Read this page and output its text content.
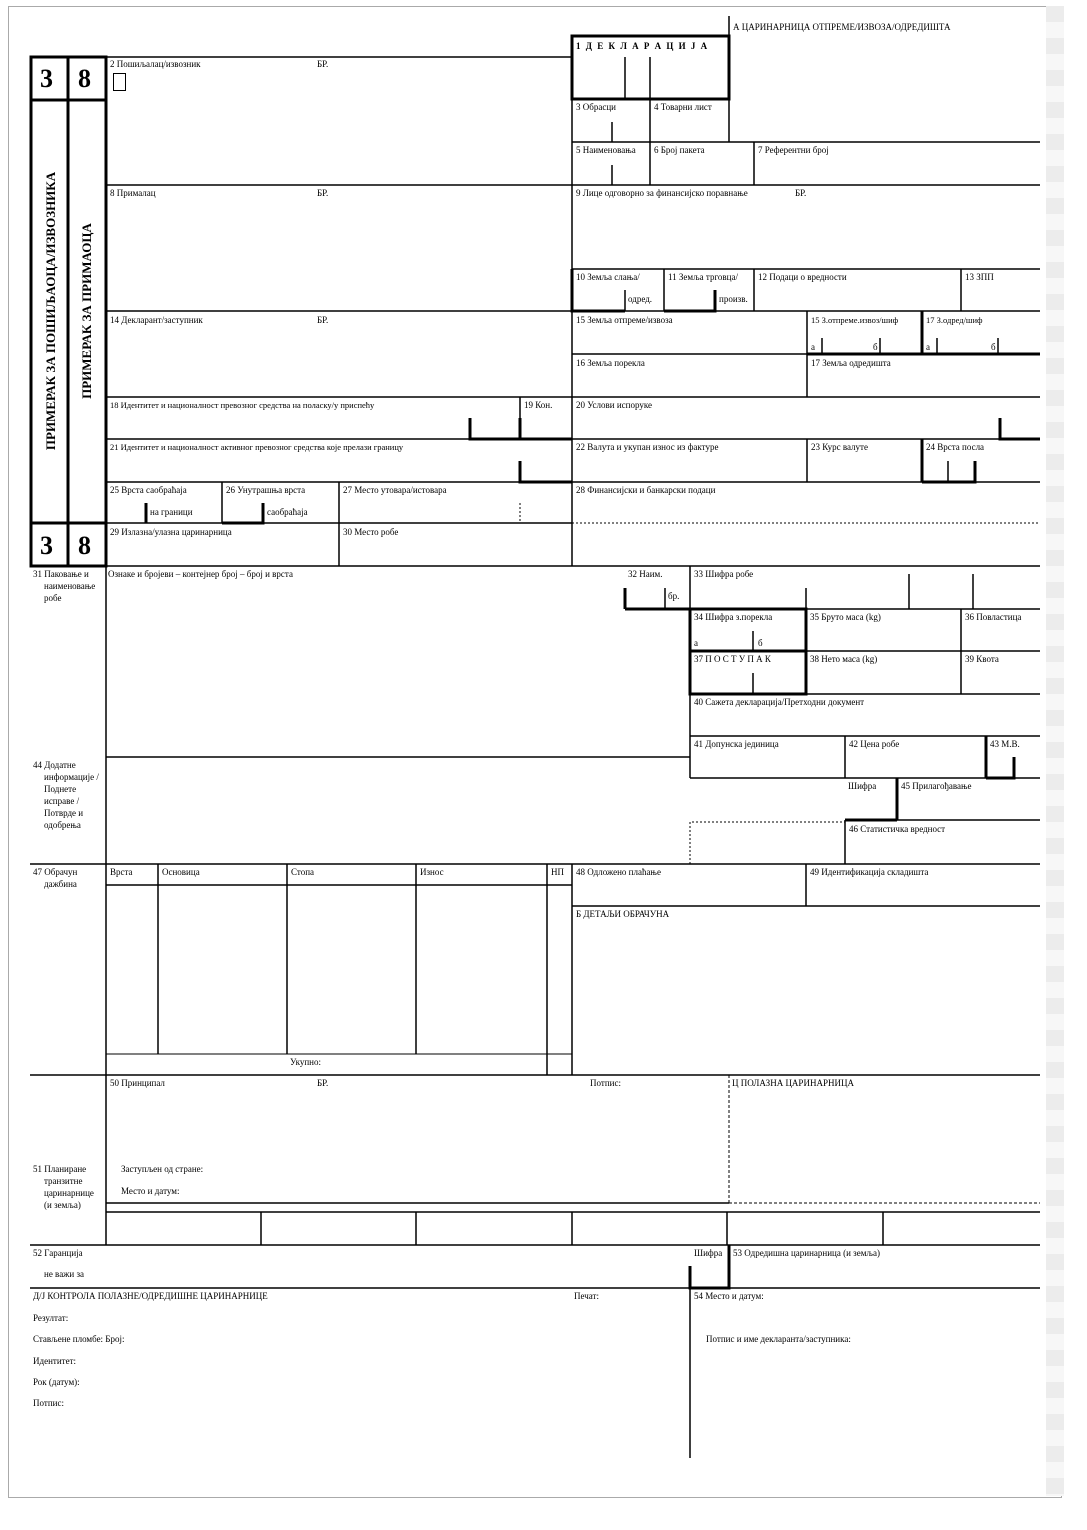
А ЦАРИНАРНИЦА ОТПРЕМЕ/ИЗВОЗА/ОДРЕДИШТА
1 Д Е К Л А Р А Ц И Ј А
3 8
3 8
ПРИМЕРАК ЗА ПОШИЉАОЦА/ИЗВОЗНИКА ПРИМЕРАК ЗА ПРИМАОЦА
2 Пошиљалац/извозник	БР.
3 Обрасци	4 Товарни лист
5 Наименовања 6 Број пакета	7 Референтни број
8 Прималац	БР.	9 Лице одговорно за финансијско поравнање	БР.
10 Земља слања/
одред.
11 Земља трговца/
произв.
12 Подаци о вредности	13 ЗПП
14 Декларант/заступник	БР.	15 Земља отпреме/извоза	15 З.отпреме.извоз/шиф	17 З.одред/шиф
а	б	а	б
16 Земља порекла	17 Земља одредишта
18 Идентитет и националност превозног средства на поласку/у приспећу	19 Кон.	20 Услови испоруке
21 Идентитет и националност активног превозног средства које прелази границу	22 Валута и укупан износ из фактуре	23 Курс валуте	24 Врста посла
25 Врста саобраћаја
на граници
26 Унутрашња врста
саобраћаја
27 Место утовара/истовара	28 Финансијски и банкарски подаци
29 Излазна/улазна царинарница	30 Место робе
31 Паковање и
наименовање
робе
Ознаке и бројеви – контејнер број – број и врста	32 Наим.
бр.
33 Шифра робе
34 Шифра з.порекла
а	б
35 Бруто маса (kg)	36 Повластица
37 П О С Т У П А К	38 Нето маса (kg)	39 Квота
40 Сажета декларација/Претходни документ
41 Допунска јединица	42 Цена робе	43 М.В.
44 Додатне
информације /
Поднете
исправе /
Потврде и
одобрења
Шифра	45 Прилагођавање
46 Статистичка вредност
47 Обрачун
дажбина
Врста	Основица	Стопа	Износ	НП
Укупно:
48 Одложено плаћање	49 Идентификација складишта
Б ДЕТАЉИ ОБРАЧУНА
50 Принципал	БР.	Потпис:	Ц ПОЛАЗНА ЦАРИНАРНИЦА
Заступљен од стране:
Место и датум:
51 Планиране
транзитне
царинарнице
(и земља)
52 Гаранција
не важи за
Шифра 53 Одредишна царинарница (и земља)
Д/Ј КОНТРОЛА ПОЛАЗНЕ/ОДРЕДИШНЕ ЦАРИНАРНИЦЕ	Печат:	54 Место и датум:
Потпис и име декларанта/заступника:
Резултат:
Стављене пломбе: Број:
Идентитет:
Рок (датум):
Потпис:
